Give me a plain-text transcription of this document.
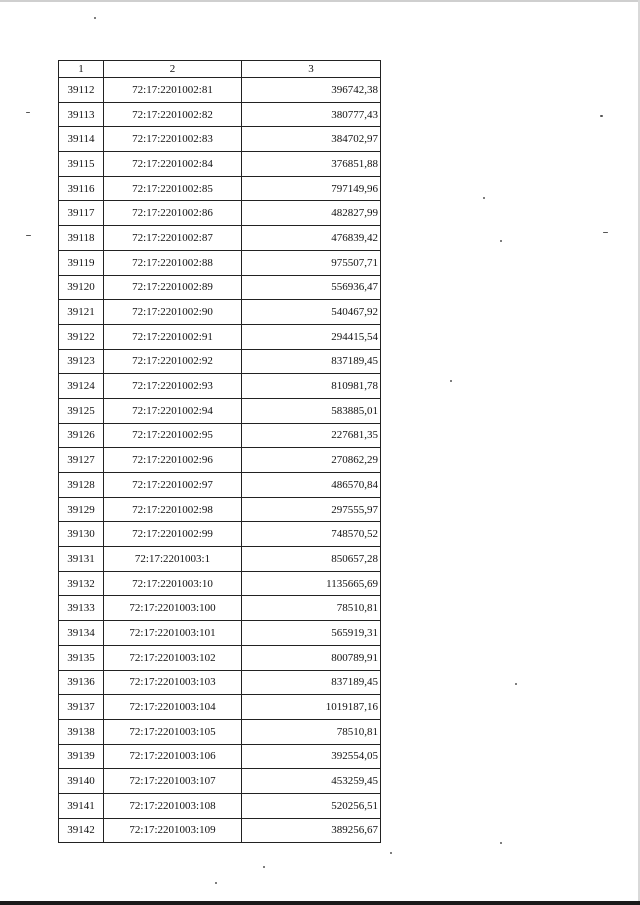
1	2	3
39112	72:17:2201002:81	396742,38
39113	72:17:2201002:82	380777,43
39114	72:17:2201002:83	384702,97
39115	72:17:2201002:84	376851,88
39116	72:17:2201002:85	797149,96
39117	72:17:2201002:86	482827,99
39118	72:17:2201002:87	476839,42
39119	72:17:2201002:88	975507,71
39120	72:17:2201002:89	556936,47
39121	72:17:2201002:90	540467,92
39122	72:17:2201002:91	294415,54
39123	72:17:2201002:92	837189,45
39124	72:17:2201002:93	810981,78
39125	72:17:2201002:94	583885,01
39126	72:17:2201002:95	227681,35
39127	72:17:2201002:96	270862,29
39128	72:17:2201002:97	486570,84
39129	72:17:2201002:98	297555,97
39130	72:17:2201002:99	748570,52
39131	72:17:2201003:1	850657,28
39132	72:17:2201003:10	1135665,69
39133	72:17:2201003:100	78510,81
39134	72:17:2201003:101	565919,31
39135	72:17:2201003:102	800789,91
39136	72:17:2201003:103	837189,45
39137	72:17:2201003:104	1019187,16
39138	72:17:2201003:105	78510,81
39139	72:17:2201003:106	392554,05
39140	72:17:2201003:107	453259,45
39141	72:17:2201003:108	520256,51
39142	72:17:2201003:109	389256,67
